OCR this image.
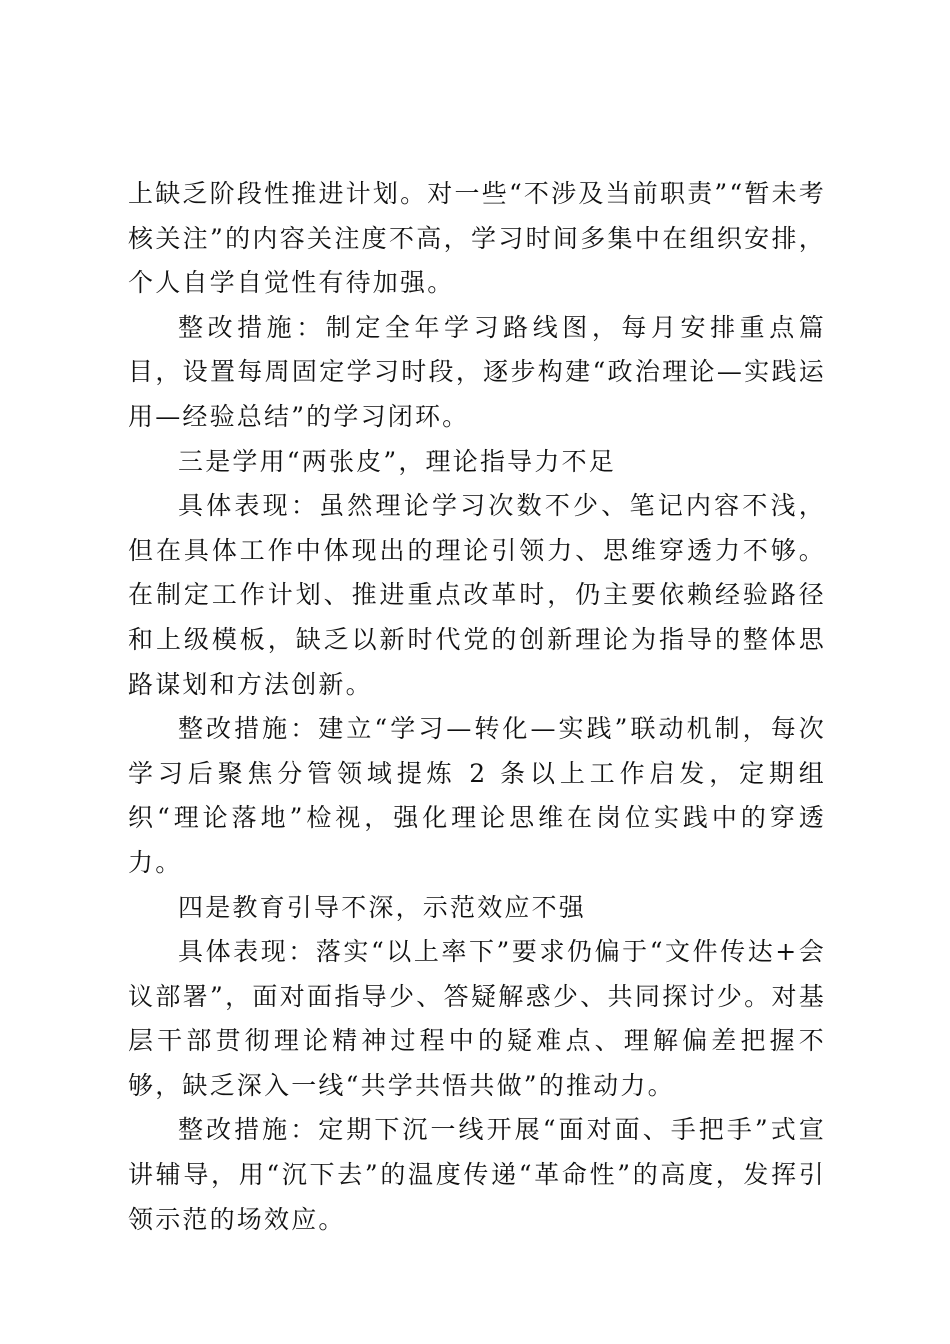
上缺乏阶段性推进计划。对一些“不涉及当前职责”“暂未考核关注”的内容关注度不高，学习时间多集中在组织安排，个人自学自觉性有待加强。

整改措施：制定全年学习路线图，每月安排重点篇目，设置每周固定学习时段，逐步构建“政治理论—实践运用—经验总结”的学习闭环。

三是学用“两张皮”，理论指导力不足

具体表现：虽然理论学习次数不少、笔记内容不浅，但在具体工作中体现出的理论引领力、思维穿透力不够。在制定工作计划、推进重点改革时，仍主要依赖经验路径和上级模板，缺乏以新时代党的创新理论为指导的整体思路谋划和方法创新。

整改措施：建立“学习—转化—实践”联动机制，每次学习后聚焦分管领域提炼 2 条以上工作启发，定期组织“理论落地”检视，强化理论思维在岗位实践中的穿透力。

四是教育引导不深，示范效应不强

具体表现：落实“以上率下”要求仍偏于“文件传达+会议部署”，面对面指导少、答疑解惑少、共同探讨少。对基层干部贯彻理论精神过程中的疑难点、理解偏差把握不够，缺乏深入一线“共学共悟共做”的推动力。

整改措施：定期下沉一线开展“面对面、手把手”式宣讲辅导，用“沉下去”的温度传递“革命性”的高度，发挥引领示范的场效应。
